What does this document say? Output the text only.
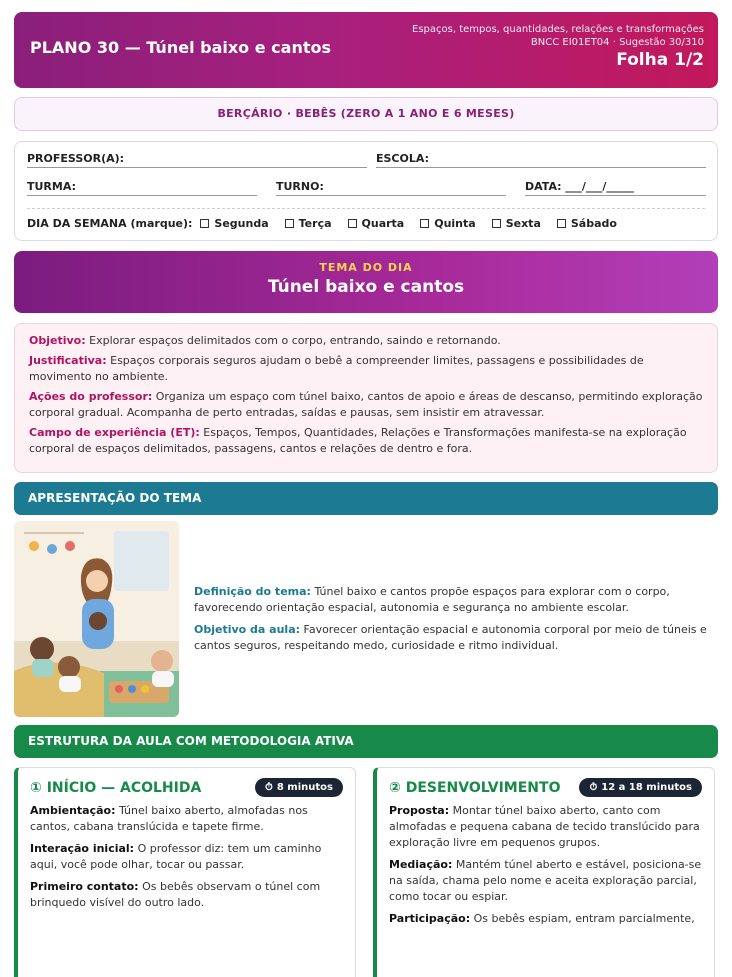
PLANO 30 — Túnel baixo e cantos
Espaços, tempos, quantidades, relações e transformações
BNCC EI01ET04 · Sugestão 30/310
Folha 1/2
BERÇÁRIO · BEBÊS (ZERO A 1 ANO E 6 MESES)
PROFESSOR(A):	ESCOLA:
TURMA:	TURNO:	DATA: ___/___/_____
DIA DA SEMANA (marque): Segunda	Terça	Quarta	Quinta	Sexta	Sábado
TEMA DO DIA
Túnel baixo e cantos

Objetivo: Explorar espaços delimitados com o corpo, entrando, saindo e retornando.

Justificativa: Espaços corporais seguros ajudam o bebê a compreender limites, passagens e possibilidades de movimento no ambiente.

Ações do professor: Organiza um espaço com túnel baixo, cantos de apoio e áreas de descanso, permitindo exploração corporal gradual. Acompanha de perto entradas, saídas e pausas, sem insistir em atravessar.

Campo de experiência (ET): Espaços, Tempos, Quantidades, Relações e Transformações manifesta-se na exploração corporal de espaços delimitados, passagens, cantos e relações de dentro e fora.

APRESENTAÇÃO DO TEMA

Definição do tema: Túnel baixo e cantos propõe espaços para explorar com o corpo, favorecendo orientação espacial, autonomia e segurança no ambiente escolar.

Objetivo da aula: Favorecer orientação espacial e autonomia corporal por meio de túneis e cantos seguros, respeitando medo, curiosidade e ritmo individual.

ESTRUTURA DA AULA COM METODOLOGIA ATIVA
① INÍCIO — ACOLHIDA	⏱ 8 minutos

Ambientação: Túnel baixo aberto, almofadas nos cantos, cabana translúcida e tapete firme.

Interação inicial: O professor diz: tem um caminho aqui, você pode olhar, tocar ou passar.

Primeiro contato: Os bebês observam o túnel com brinquedo visível do outro lado.

② DESENVOLVIMENTO	⏱ 12 a 18 minutos

Proposta: Montar túnel baixo aberto, canto com almofadas e pequena cabana de tecido translúcido para exploração livre em pequenos grupos.

Mediação: Mantém túnel aberto e estável, posiciona-se na saída, chama pelo nome e aceita exploração parcial, como tocar ou espiar.

Participação: Os bebês espiam, entram parcialmente,
